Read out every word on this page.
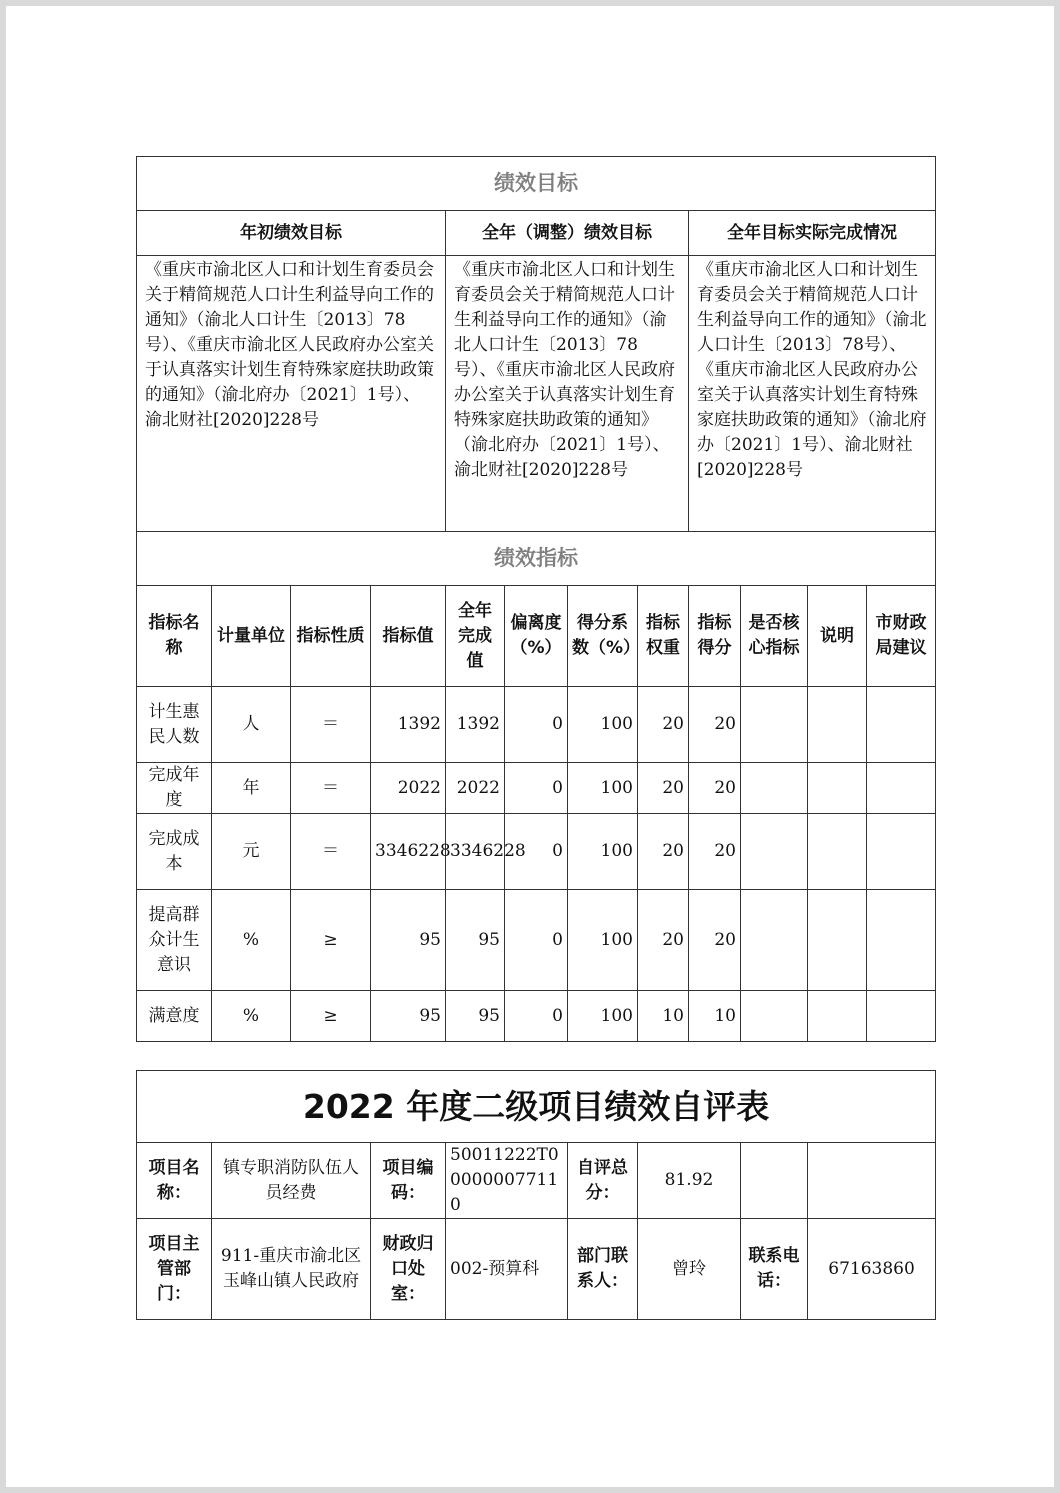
绩效目标											
年初绩效目标				全年（调整）绩效目标				全年目标实际完成情况			
《重庆市渝北区人口和计划生育委员会关于精简规范人口计生利益导向工作的通知》（渝北人口计生〔2013〕78号）、《重庆市渝北区人民政府办公室关于认真落实计划生育特殊家庭扶助政策的通知》（渝北府办〔2021〕1号）、渝北财社[2020]228号				《重庆市渝北区人口和计划生育委员会关于精简规范人口计生利益导向工作的通知》（渝北人口计生〔2013〕78号）、《重庆市渝北区人民政府办公室关于认真落实计划生育特殊家庭扶助政策的通知》（渝北府办〔2021〕1号）、渝北财社[2020]228号				《重庆市渝北区人口和计划生育委员会关于精简规范人口计生利益导向工作的通知》（渝北人口计生〔2013〕78号）、《重庆市渝北区人民政府办公室关于认真落实计划生育特殊家庭扶助政策的通知》（渝北府办〔2021〕1号）、渝北财社[2020]228号			
绩效指标											
指标名称	计量单位	指标性质	指标值	全年完成值	偏离度（%）	得分系数（%）	指标权重	指标得分	是否核心指标	说明	市财政局建议
计生惠民人数	人	＝	1392	1392	0	100	20	20			
完成年度	年	＝	2022	2022	0	100	20	20			
完成成本	元	＝	3346228	3346228	0	100	20	20			
提高群众计生意识	%	≥	95	95	0	100	20	20			
满意度	%	≥	95	95	0	100	10	10			
2022 年度二级项目绩效自评表							
项目名称：	镇专职消防队伍人员经费	项目编码：	50011222T000000077110	自评总分：	81.92		
项目主管部门：	911-重庆市渝北区玉峰山镇人民政府	财政归口处室：	002-预算科	部门联系人：	曾玲	联系电话：	67163860
